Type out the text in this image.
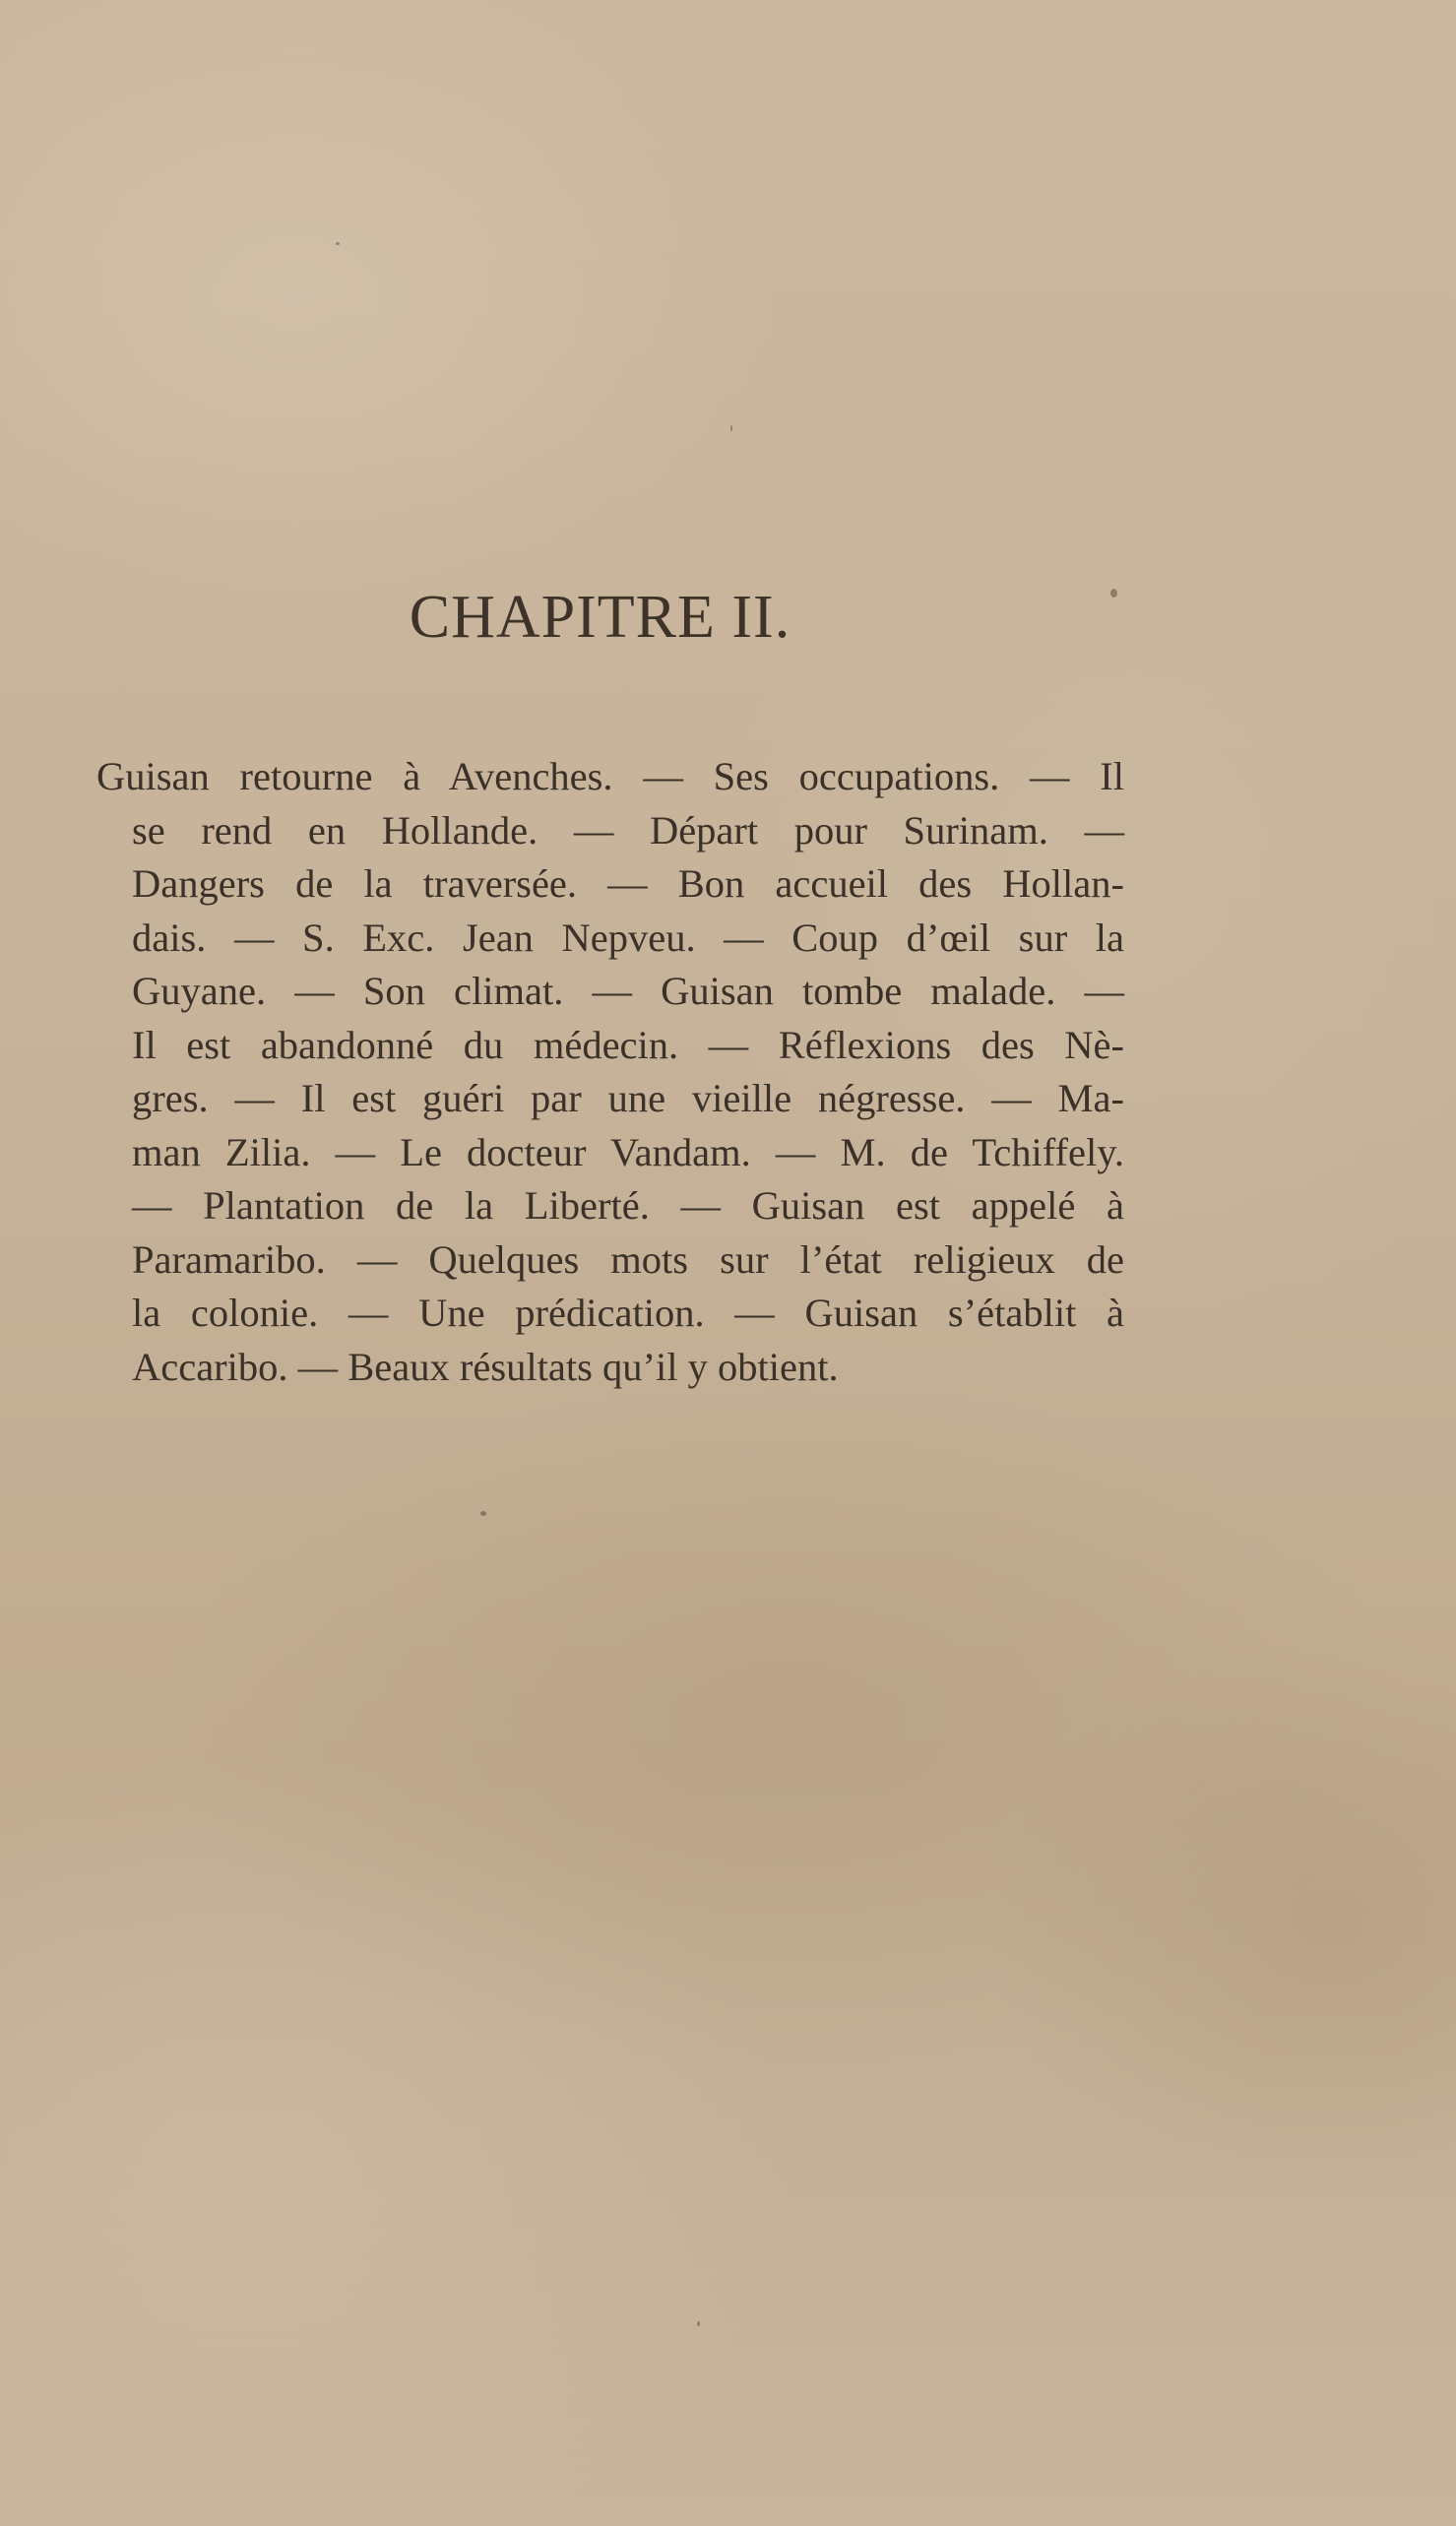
CHAPITRE II.
Guisan retourne à Avenches. — Ses occupations. — Il
se rend en Hollande. — Départ pour Surinam. —
Dangers de la traversée. — Bon accueil des Hollan-
dais. — S. Exc. Jean Nepveu. — Coup d’œil sur la
Guyane. — Son climat. — Guisan tombe malade. —
Il est abandonné du médecin. — Réflexions des Nè-
gres. — Il est guéri par une vieille négresse. — Ma-
man Zilia. — Le docteur Vandam. — M. de Tchiffely.
— Plantation de la Liberté. — Guisan est appelé à
Paramaribo. — Quelques mots sur l’état religieux de
la colonie. — Une prédication. — Guisan s’établit à
Accaribo. — Beaux résultats qu’il y obtient.
